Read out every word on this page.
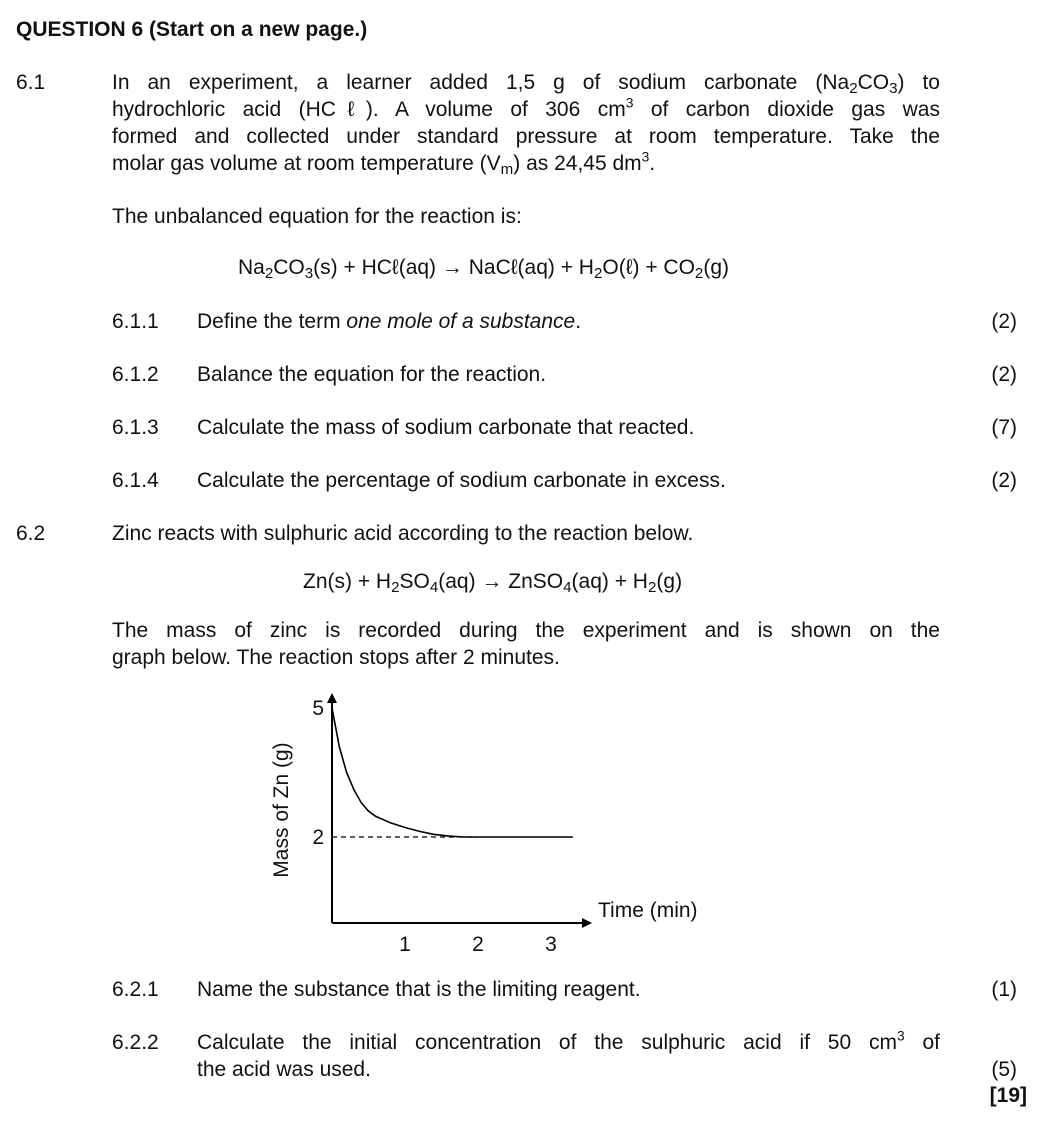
QUESTION 6 (Start on a new page.)
6.1	In an experiment, a learner added 1,5 g of sodium carbonate $(Na_2CO_3)$ to
hydrochloric acid (HCℓ). A volume of 306 $cm^3$ of carbon dioxide gas was
formed and collected under standard pressure at room temperature. Take the
molar gas volume at room temperature $(V_m)$ as 24,45 $dm^3$.
The unbalanced equation for the reaction is:
$Na_2CO_3(s)$ + HCℓ(aq) → NaCℓ(aq) + $H_2O(\ell) + CO_2(g)$
6.1.1 Define the term one mole of a substance.	(2)
6.1.2 Balance the equation for the reaction.	(2)
6.1.3 Calculate the mass of sodium carbonate that reacted.	(7)
6.1.4 Calculate the percentage of sodium carbonate in excess.	(2)
6.2	Zinc reacts with sulphuric acid according to the reaction below.
$Zn(s) + H_2SO_4(aq)$ → ZnSO$_4$(aq) + $H_2(g)$
The mass of zinc is recorded during the experiment and is shown on the
graph below. The reaction stops after 2 minutes.
1	2	3
2
5
Time (min)
Mass of Zn (g)
6.2.1 Name the substance that is the limiting reagent.	(1)
6.2.2 Calculate the initial concentration of the sulphuric acid if 50 $cm^3$ of
the acid was used.	(5)
[19]
